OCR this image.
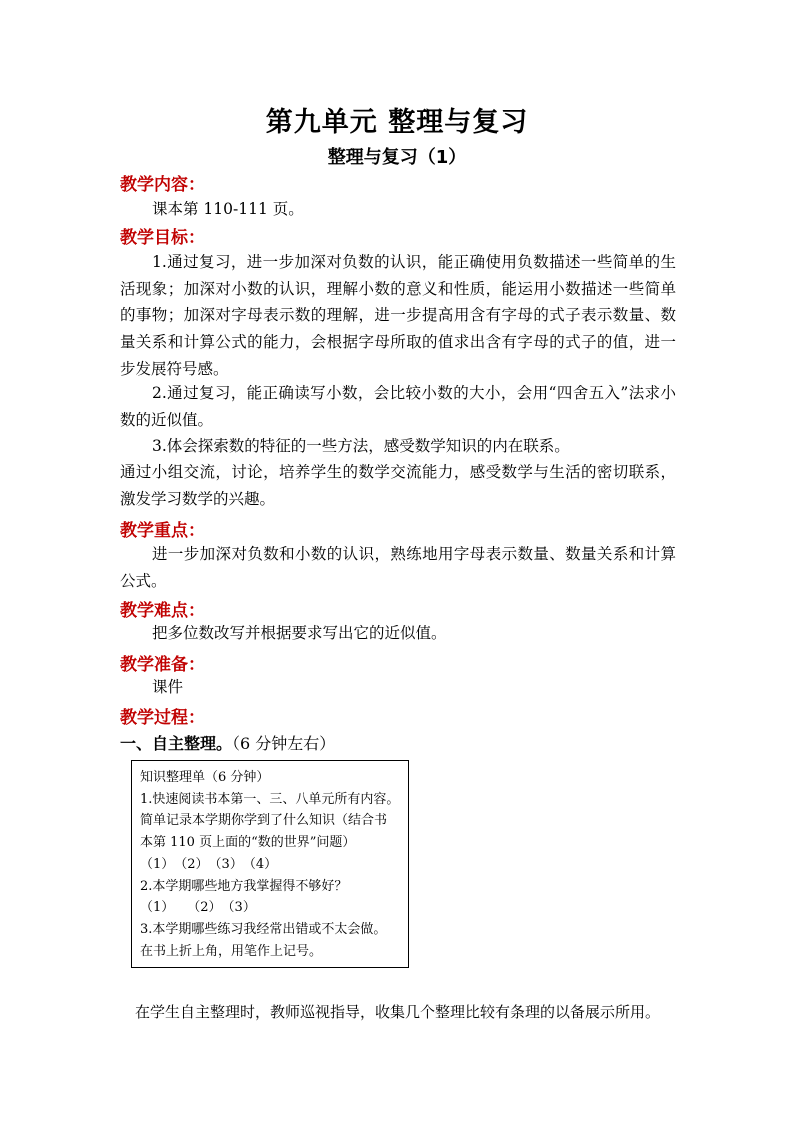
第九单元 整理与复习
整理与复习（1）
教学内容：
课本第 110-111 页。
教学目标：
1.通过复习，进一步加深对负数的认识，能正确使用负数描述一些简单的生活现象；加深对小数的认识，理解小数的意义和性质，能运用小数描述一些简单的事物；加深对字母表示数的理解，进一步提高用含有字母的式子表示数量、数量关系和计算公式的能力，会根据字母所取的值求出含有字母的式子的值，进一步发展符号感。
2.通过复习，能正确读写小数，会比较小数的大小，会用“四舍五入”法求小数的近似值。
3.体会探索数的特征的一些方法，感受数学知识的内在联系。
通过小组交流，讨论，培养学生的数学交流能力，感受数学与生活的密切联系，激发学习数学的兴趣。
教学重点：
进一步加深对负数和小数的认识，熟练地用字母表示数量、数量关系和计算公式。
教学难点：
把多位数改写并根据要求写出它的近似值。
教学准备：
课件
教学过程：
一、自主整理。（6 分钟左右）
知识整理单（6 分钟）
1.快速阅读书本第一、三、八单元所有内容。
简单记录本学期你学到了什么知识（结合书
本第 110 页上面的“数的世界”问题）
（1）　（2）　（3）　（4）
2.本学期哪些地方我掌握得不够好？
（1）　　（2）　（3）
3.本学期哪些练习我经常出错或不太会做。
在书上折上角，用笔作上记号。
在学生自主整理时，教师巡视指导，收集几个整理比较有条理的以备展示所用。
